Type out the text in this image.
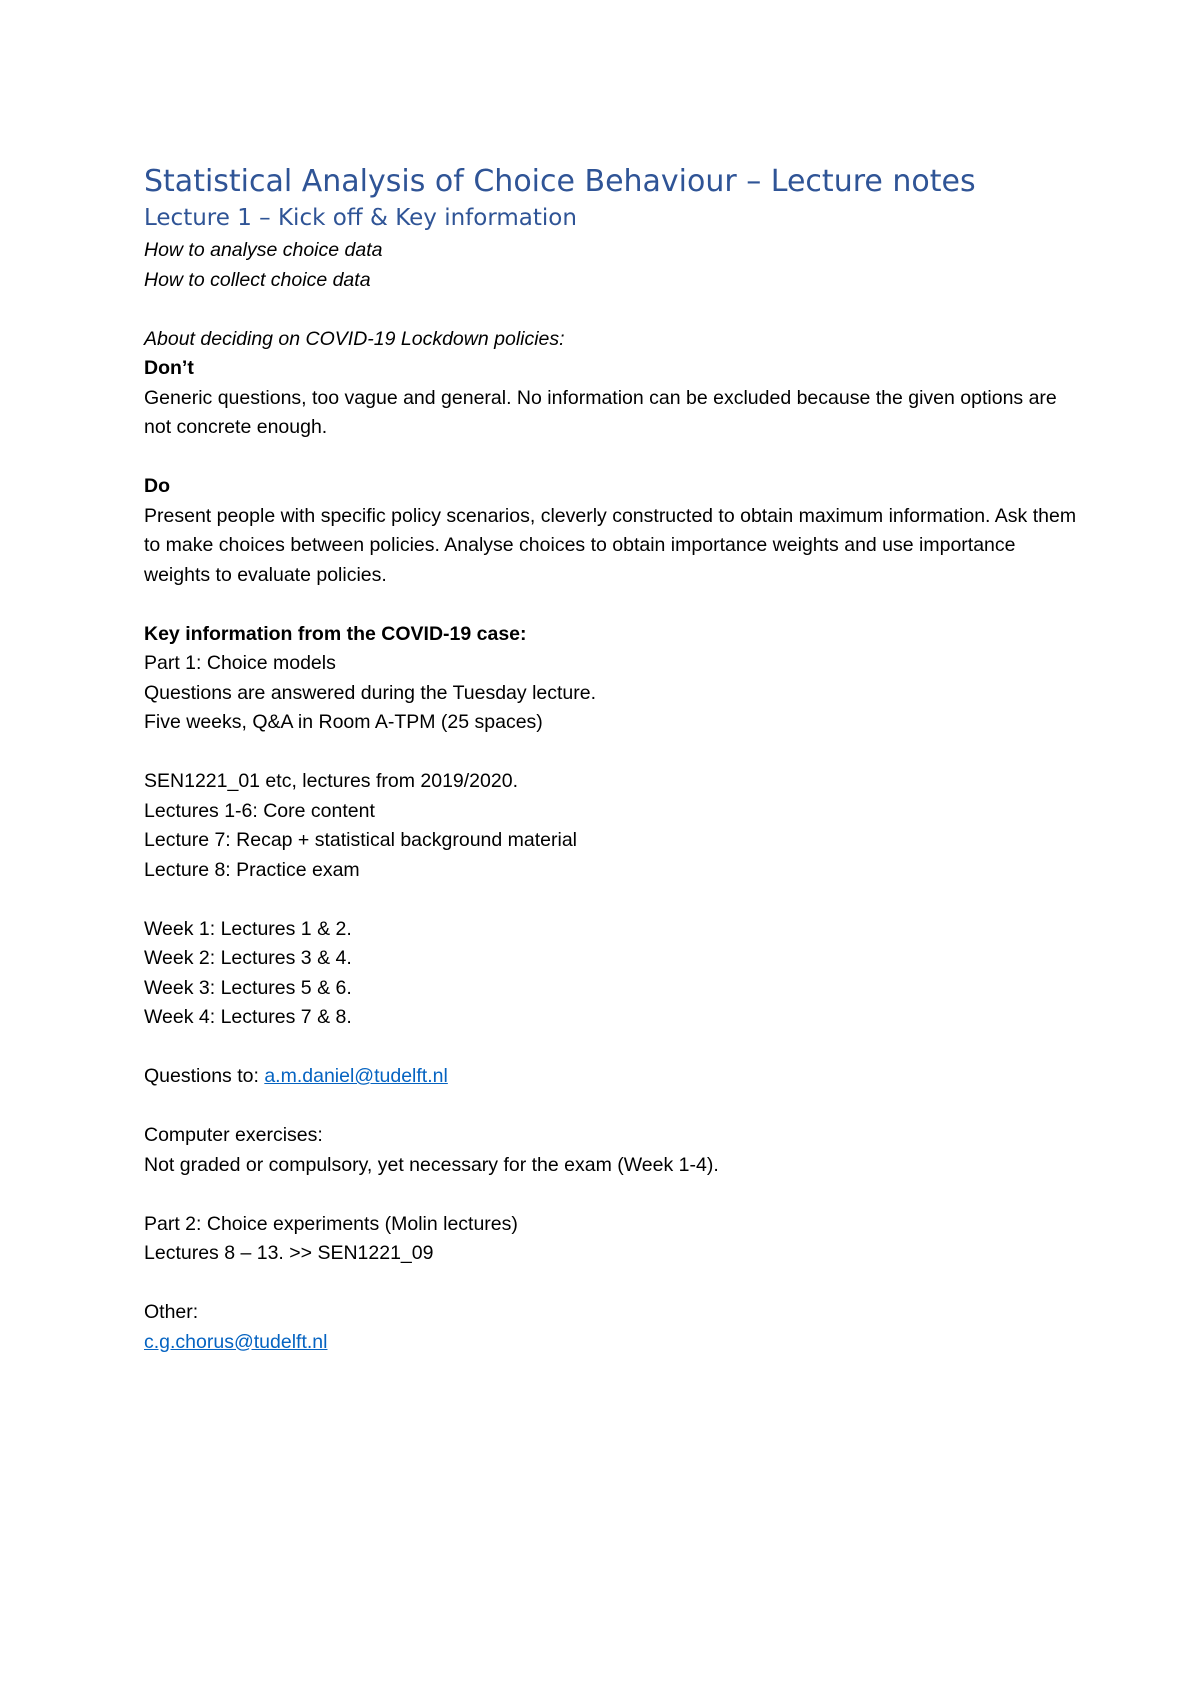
Statistical Analysis of Choice Behaviour – Lecture notes
Lecture 1 – Kick off & Key information

How to analyse choice data

How to collect choice data

About deciding on COVID-19 Lockdown policies:

Don’t

Generic questions, too vague and general. No information can be excluded because the given options are not concrete enough.

Do

Present people with specific policy scenarios, cleverly constructed to obtain maximum information. Ask them to make choices between policies. Analyse choices to obtain importance weights and use importance weights to evaluate policies.

Key information from the COVID-19 case:

Part 1: Choice models

Questions are answered during the Tuesday lecture.

Five weeks, Q&A in Room A-TPM (25 spaces)

SEN1221_01 etc, lectures from 2019/2020.

Lectures 1-6: Core content

Lecture 7: Recap + statistical background material

Lecture 8: Practice exam

Week 1: Lectures 1 & 2.

Week 2: Lectures 3 & 4.

Week 3: Lectures 5 & 6.

Week 4: Lectures 7 & 8.

Questions to: a.m.daniel@tudelft.nl

Computer exercises:

Not graded or compulsory, yet necessary for the exam (Week 1-4).

Part 2: Choice experiments (Molin lectures)

Lectures 8 – 13. >> SEN1221_09

Other:

c.g.chorus@tudelft.nl
